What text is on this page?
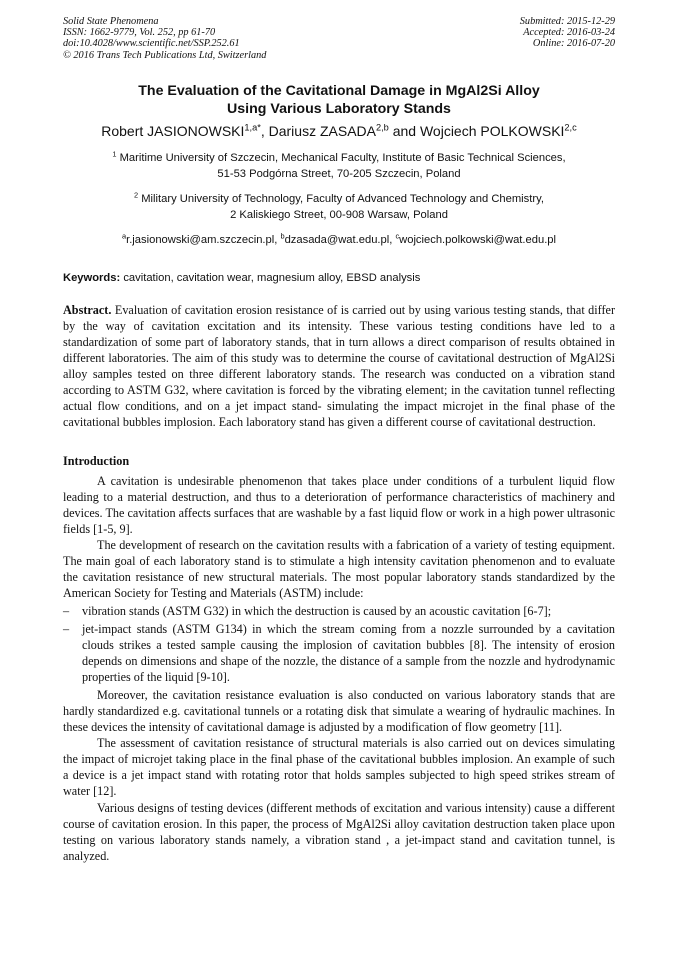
Solid State Phenomena
ISSN: 1662-9779, Vol. 252, pp 61-70
doi:10.4028/www.scientific.net/SSP.252.61
© 2016 Trans Tech Publications Ltd, Switzerland
Submitted: 2015-12-29
Accepted: 2016-03-24
Online: 2016-07-20
The Evaluation of the Cavitational Damage in MgAl2Si Alloy
Using Various Laboratory Stands
Robert $JASIONOWSKI^{1,a*}$, Dariusz ZASADA$^{2,b}$ and Wojciech POLKOWSKI$^{2,c}$
$^1$ Maritime University of Szczecin, Mechanical Faculty, Institute of Basic Technical Sciences,
51-53 Podgórna Street, 70-205 Szczecin, Poland
$^2$ Military University of Technology, Faculty of Advanced Technology and Chemistry,
2 Kaliskiego Street, 00-908 Warsaw, Poland
$^a$r.jasionowski@am.szczecin.pl, $^b$dzasada@wat.edu.pl, $^c$wojciech.polkowski@wat.edu.pl
Keywords: cavitation, cavitation wear, magnesium alloy, EBSD analysis
Abstract. Evaluation of cavitation erosion resistance of is carried out by using various testing stands, that differ by the way of cavitation excitation and its intensity. These various testing conditions have led to a standardization of some part of laboratory stands, that in turn allows a direct comparison of results obtained in different laboratories. The aim of this study was to determine the course of cavitational destruction of MgAl2Si alloy samples tested on three different laboratory stands. The research was conducted on a vibration stand according to ASTM G32, where cavitation is forced by the vibrating element; in the cavitation tunnel reflecting actual flow conditions, and on a jet impact stand- simulating the impact microjet in the final phase of the cavitational bubbles implosion. Each laboratory stand has given a different course of cavitational destruction.
Introduction

A cavitation is undesirable phenomenon that takes place under conditions of a turbulent liquid flow leading to a material destruction, and thus to a deterioration of performance characteristics of machinery and devices. The cavitation affects surfaces that are washable by a fast liquid flow or work in a high power ultrasonic fields [1-5, 9].

The development of research on the cavitation results with a fabrication of a variety of testing equipment. The main goal of each laboratory stand is to stimulate a high intensity cavitation phenomenon and to evaluate the cavitation resistance of new structural materials. The most popular laboratory stands standardized by the American Society for Testing and Materials (ASTM) include:

– vibration stands (ASTM G32) in which the destruction is caused by an acoustic cavitation [6-7];
– jet-impact stands (ASTM G134) in which the stream coming from a nozzle surrounded by a cavitation clouds strikes a tested sample causing the implosion of cavitation bubbles [8]. The intensity of erosion depends on dimensions and shape of the nozzle, the distance of a sample from the nozzle and hydrodynamic properties of the liquid [9-10].

Moreover, the cavitation resistance evaluation is also conducted on various laboratory stands that are hardly standardized e.g. cavitational tunnels or a rotating disk that simulate a wearing of hydraulic machines. In these devices the intensity of cavitational damage is adjusted by a modification of flow geometry [11].

The assessment of cavitation resistance of structural materials is also carried out on devices simulating the impact of microjet taking place in the final phase of the cavitational bubbles implosion. An example of such a device is a jet impact stand with rotating rotor that holds samples subjected to high speed strikes stream of water [12].

Various designs of testing devices (different methods of excitation and various intensity) cause a different course of cavitation erosion. In this paper, the process of MgAl2Si alloy cavitation destruction taken place upon testing on various laboratory stands namely, a vibration stand , a jet-impact stand and cavitation tunnel, is analyzed.
